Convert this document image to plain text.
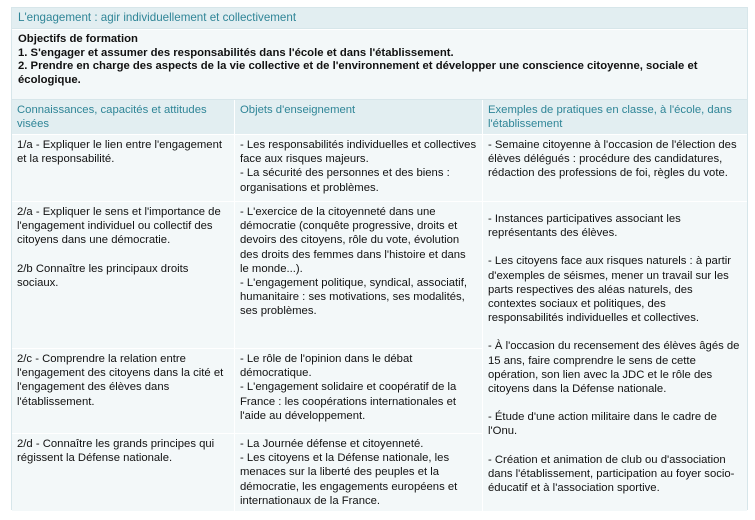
L'engagement : agir individuellement et collectivement
Objectifs de formation
1. S'engager et assumer des responsabilités dans l'école et dans l'établissement.
2. Prendre en charge des aspects de la vie collective et de l'environnement et développer une conscience citoyenne, sociale et écologique.
Connaissances, capacités et attitudes visées
Objets d'enseignement	Exemples de pratiques en classe, à l'école, dans l'établissement
1/a - Expliquer le lien entre l'engagement et la responsabilité.
2/a - Expliquer le sens et l'importance de l'engagement individuel ou collectif des citoyens dans une démocratie.
2/b Connaître les principaux droits sociaux.
2/c - Comprendre la relation entre l'engagement des citoyens dans la cité et l'engagement des élèves dans l'établissement.
2/d - Connaître les grands principes qui régissent la Défense nationale.
- Les responsabilités individuelles et collectives face aux risques majeurs.
- La sécurité des personnes et des biens : organisations et problèmes.
- L'exercice de la citoyenneté dans une démocratie (conquête progressive, droits et devoirs des citoyens, rôle du vote, évolution des droits des femmes dans l'histoire et dans le monde...).
- L'engagement politique, syndical, associatif, humanitaire : ses motivations, ses modalités, ses problèmes.
- Le rôle de l'opinion dans le débat démocratique.
- L'engagement solidaire et coopératif de la France : les coopérations internationales et l'aide au développement.
- La Journée défense et citoyenneté.
- Les citoyens et la Défense nationale, les menaces sur la liberté des peuples et la démocratie, les engagements européens et internationaux de la France.
- Semaine citoyenne à l'occasion de l'élection des élèves délégués : procédure des candidatures, rédaction des professions de foi, règles du vote.
- Instances participatives associant les représentants des élèves.
- Les citoyens face aux risques naturels : à partir d'exemples de séismes, mener un travail sur les parts respectives des aléas naturels, des contextes sociaux et politiques, des responsabilités individuelles et collectives.
- À l'occasion du recensement des élèves âgés de 15 ans, faire comprendre le sens de cette opération, son lien avec la JDC et le rôle des citoyens dans la Défense nationale.
- Étude d'une action militaire dans le cadre de l'Onu.
- Création et animation de club ou d'association dans l'établissement, participation au foyer socio-éducatif et à l'association sportive.
